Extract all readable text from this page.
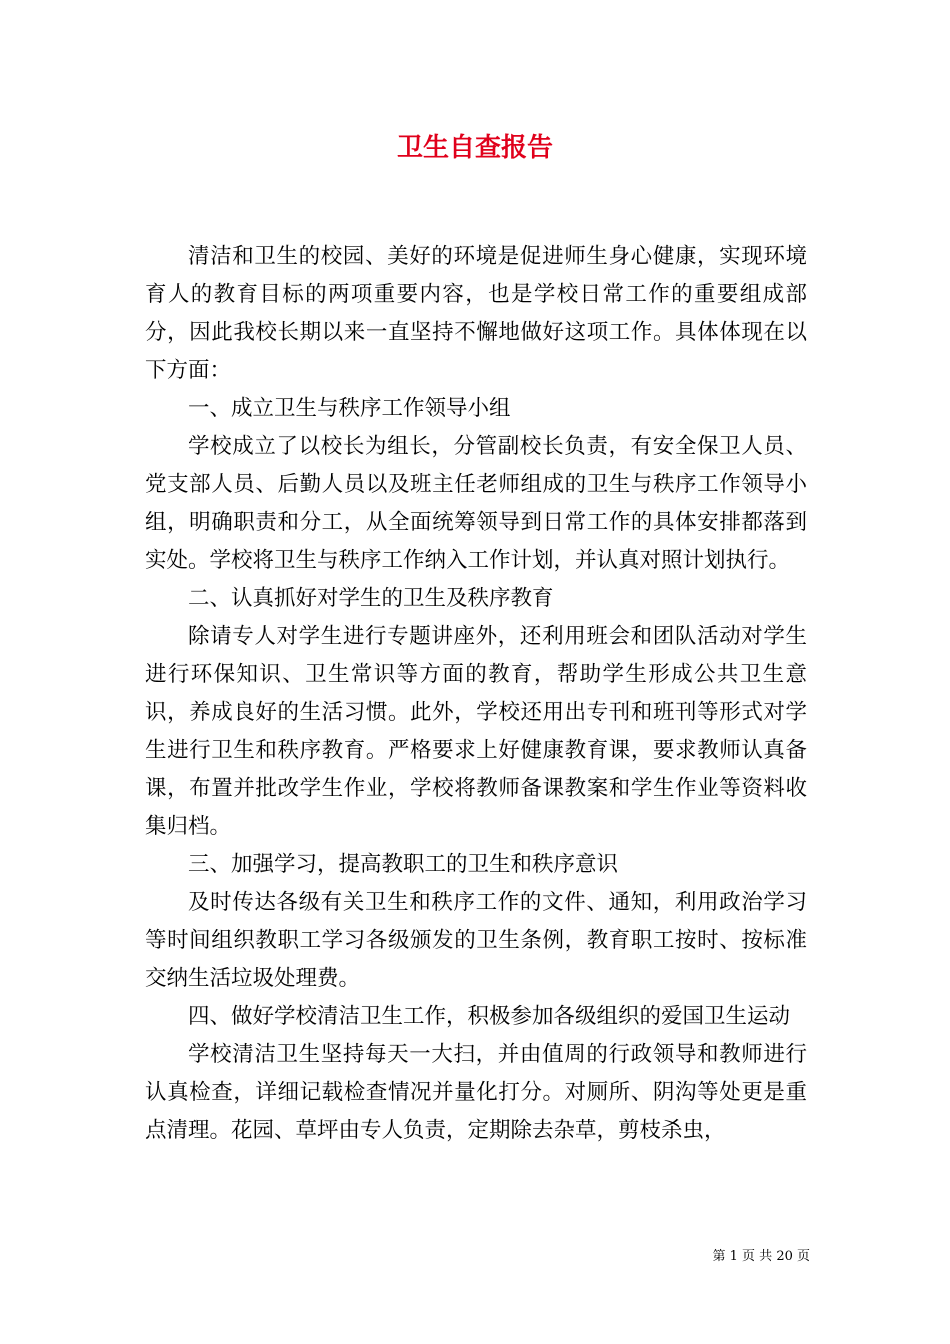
卫生自查报告

清洁和卫生的校园、美好的环境是促进师生身心健康，实现环境育人的教育目标的两项重要内容，也是学校日常工作的重要组成部分，因此我校长期以来一直坚持不懈地做好这项工作。具体体现在以下方面：

一、成立卫生与秩序工作领导小组

学校成立了以校长为组长，分管副校长负责，有安全保卫人员、党支部人员、后勤人员以及班主任老师组成的卫生与秩序工作领导小组，明确职责和分工，从全面统筹领导到日常工作的具体安排都落到实处。学校将卫生与秩序工作纳入工作计划，并认真对照计划执行。

二、认真抓好对学生的卫生及秩序教育

除请专人对学生进行专题讲座外，还利用班会和团队活动对学生进行环保知识、卫生常识等方面的教育，帮助学生形成公共卫生意识，养成良好的生活习惯。此外，学校还用出专刊和班刊等形式对学生进行卫生和秩序教育。严格要求上好健康教育课，要求教师认真备课，布置并批改学生作业，学校将教师备课教案和学生作业等资料收集归档。

三、加强学习，提高教职工的卫生和秩序意识

及时传达各级有关卫生和秩序工作的文件、通知，利用政治学习等时间组织教职工学习各级颁发的卫生条例，教育职工按时、按标准交纳生活垃圾处理费。

四、做好学校清洁卫生工作，积极参加各级组织的爱国卫生运动

学校清洁卫生坚持每天一大扫，并由值周的行政领导和教师进行认真检查，详细记载检查情况并量化打分。对厕所、阴沟等处更是重点清理。花园、草坪由专人负责，定期除去杂草，剪枝杀虫，

第 1 页 共 20 页
